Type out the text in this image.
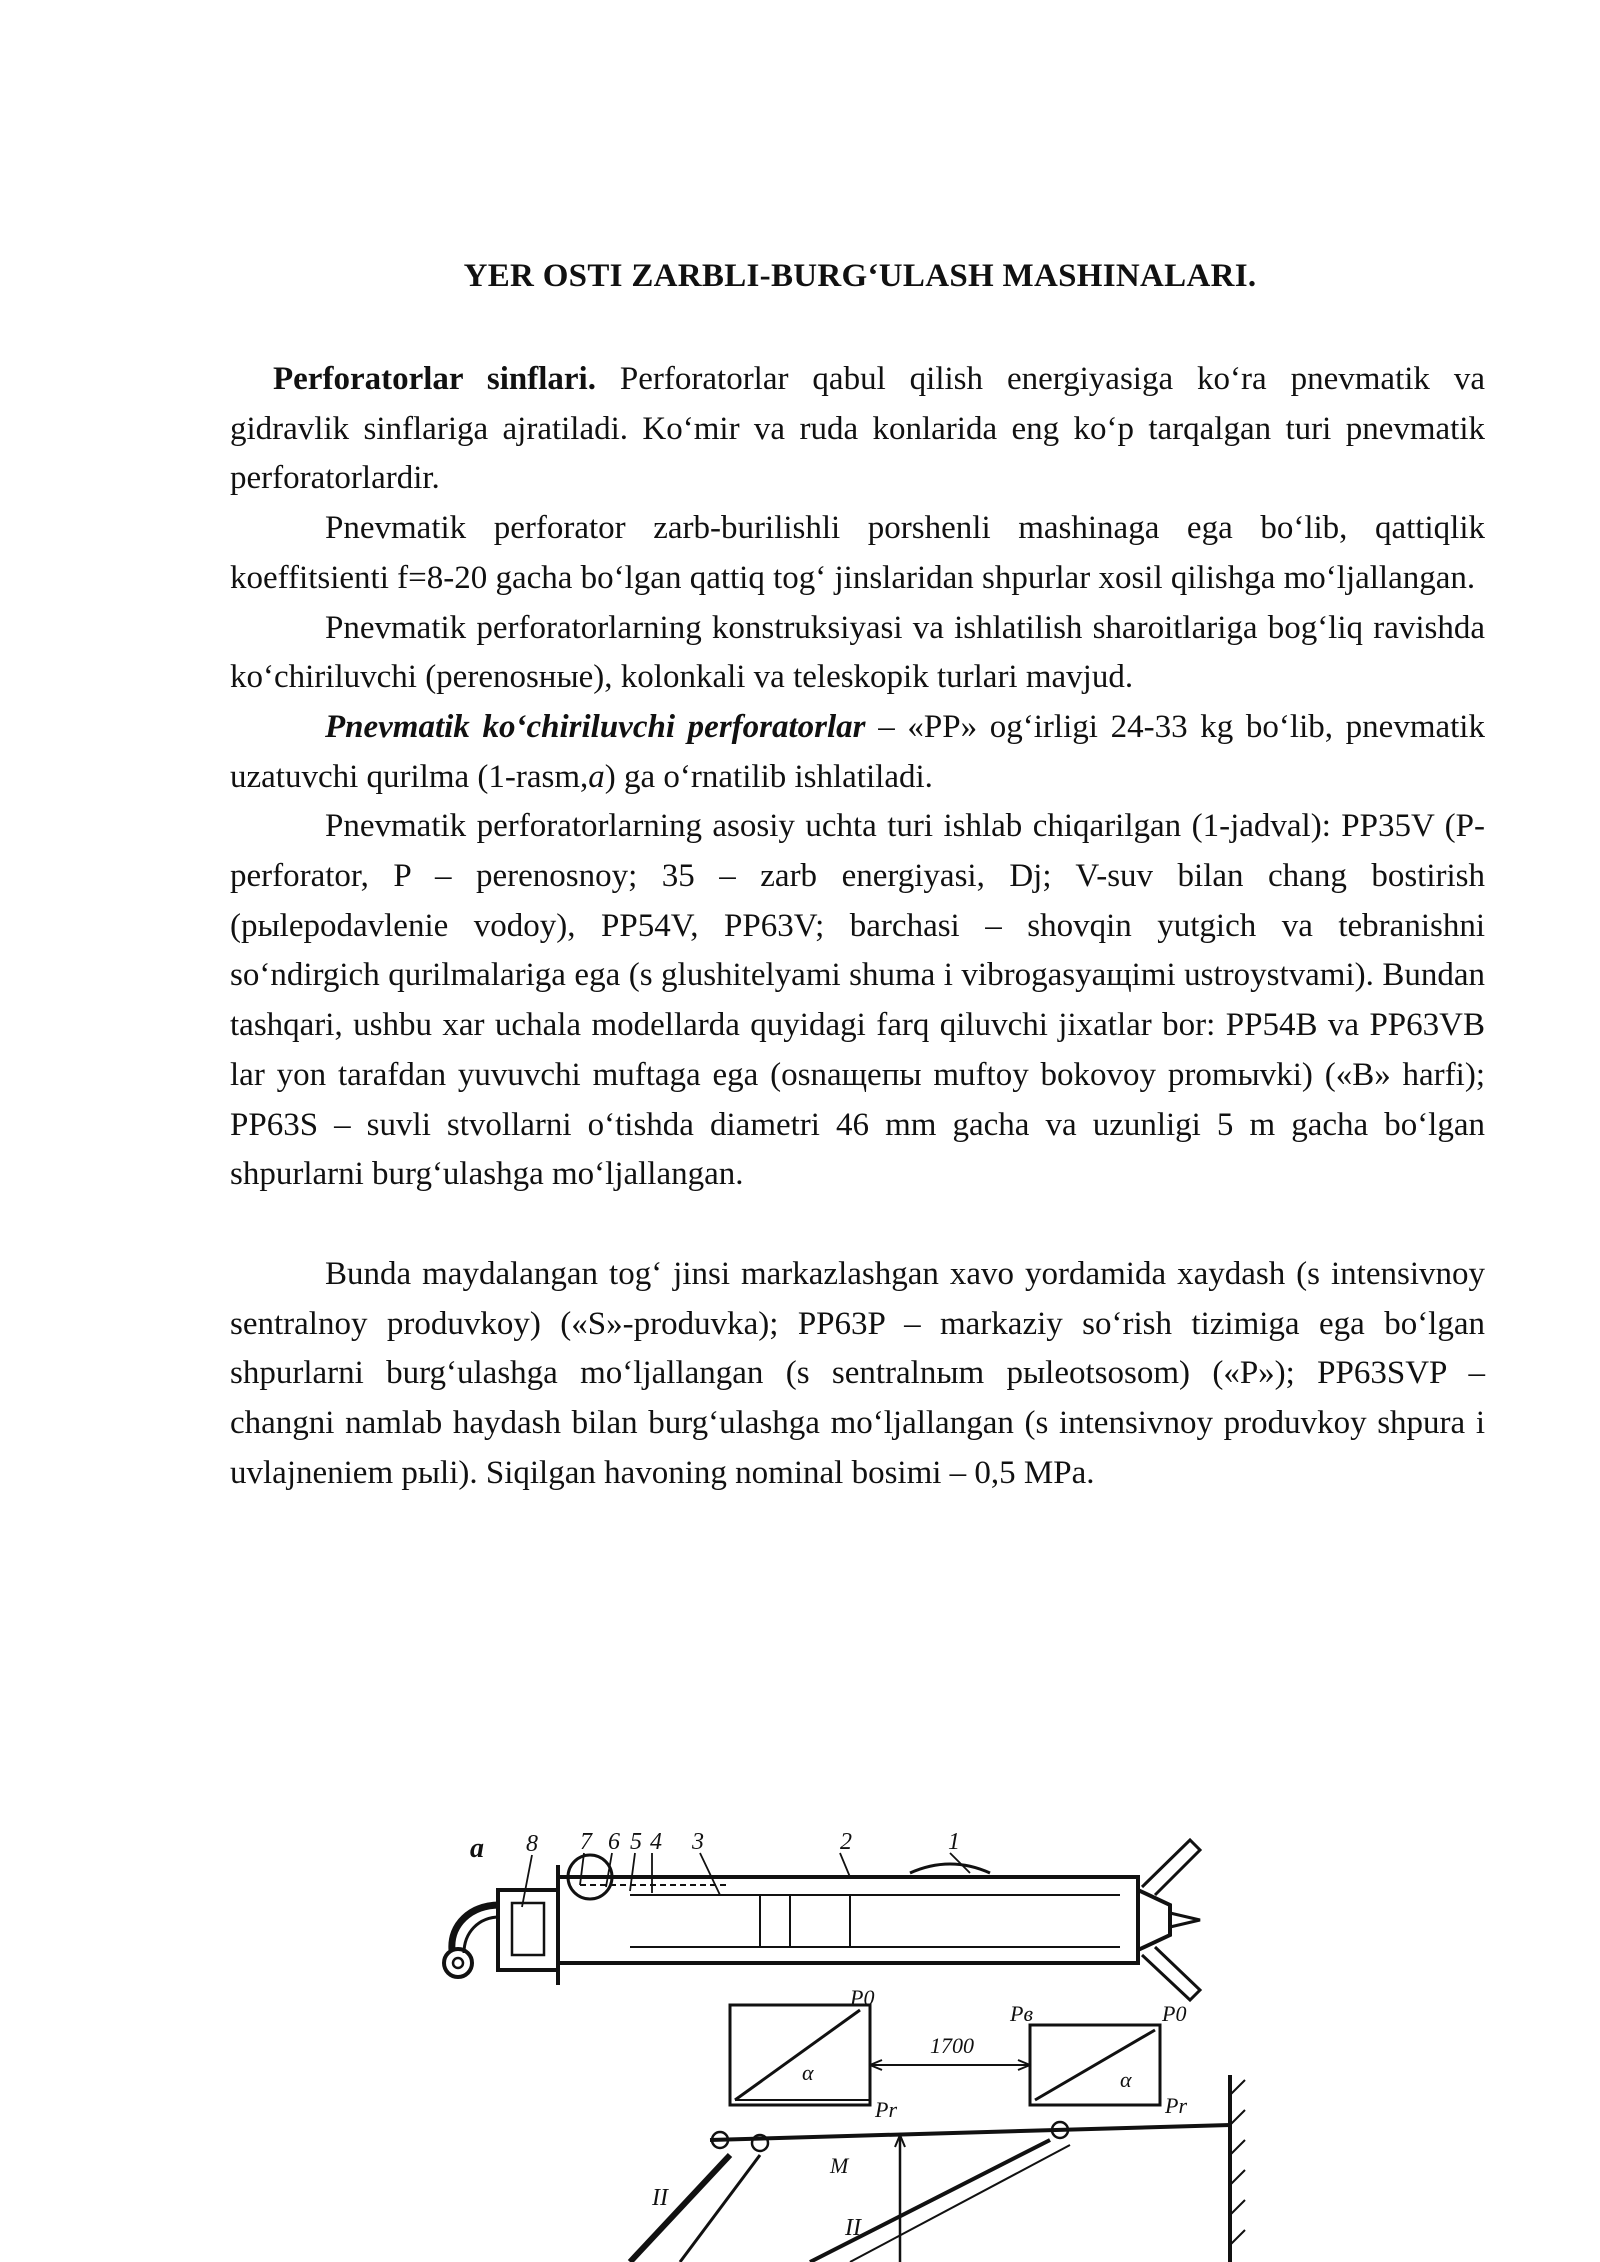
YER OSTI ZARBLI-BURG‘ULASH MASHINALARI.

Perforatorlar sinflari. Perforatorlar qabul qilish energiyasiga ko‘ra pnevmatik va gidravlik sinflariga ajratiladi. Ko‘mir va ruda konlarida eng ko‘p tarqalgan turi pnevmatik perforatorlardir.

Pnevmatik perforator zarb-burilishli porshenli mashinaga ega bo‘lib, qattiqlik koeffitsienti f=8-20 gacha bo‘lgan qattiq tog‘ jinslaridan shpurlar xosil qilishga mo‘ljallangan.

Pnevmatik perforatorlarning konstruksiyasi va ishlatilish sharoitlariga bog‘liq ravishda ko‘chiriluvchi (perenosные), kolonkali va teleskopik turlari mavjud.

Pnevmatik ko‘chiriluvchi perforatorlar – «PP» og‘irligi 24-33 kg bo‘lib, pnevmatik uzatuvchi qurilma (1-rasm,a) ga o‘rnatilib ishlatiladi.

Pnevmatik perforatorlarning asosiy uchta turi ishlab chiqarilgan (1-jadval): PP35V (P- perforator, P – perenosnoy; 35 – zarb energiyasi, Dj; V-suv bilan chang bostirish (рыlepodavlenie vodoy), PP54V, PP63V; barchasi – shovqin yutgich va tebranishni so‘ndirgich qurilmalariga ega (s glushitelyami shuma i vibrogasyaщimi ustroystvami). Bundan tashqari, ushbu xar uchala modellarda quyidagi farq qiluvchi jixatlar bor: PP54B va PP63VB lar yon tarafdan yuvuvchi muftaga ega (osnaщепы muftoy bokovoy promыvki) («B» harfi); PP63S – suvli stvollarni o‘tishda diametri 46 mm gacha va uzunligi 5 m gacha bo‘lgan shpurlarni burg‘ulashga mo‘ljallangan.

Bunda maydalangan tog‘ jinsi markazlashgan xavo yordamida xaydash (s intensivnoy sentralnoy produvkoy) («S»-produvka); PP63P – markaziy so‘rish tizimiga ega bo‘lgan shpurlarni burg‘ulashga mo‘ljallangan (s sentralnыm рыleotsosom) («P»); PP63SVP – changni namlab haydash bilan burg‘ulashga mo‘ljallangan (s intensivnoy produvkoy shpura i uvlajneniem рыli). Siqilgan havoning nominal bosimi – 0,5 MPa.

a 8 7 6 5 4 3	2	1
P0
Pr
α
1700
Pв	P0
α
Pr
M
II
II
